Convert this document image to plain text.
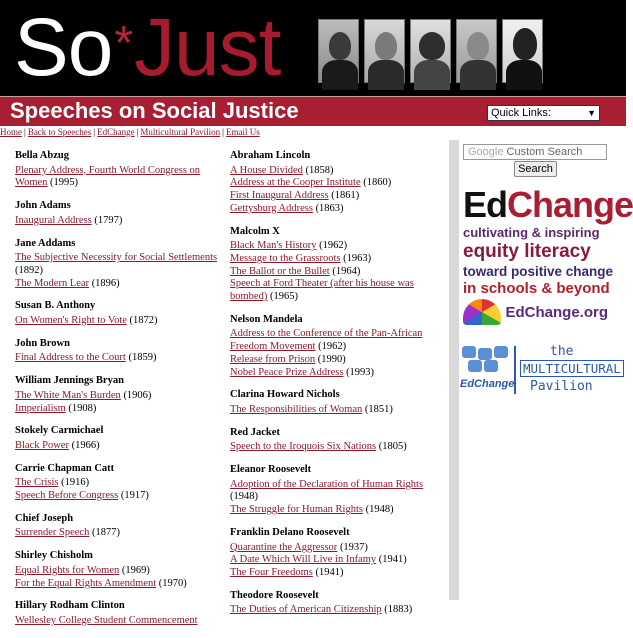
So * Just
Speeches on Social Justice	Quick Links:	▼
Home | Back to Speeches | EdChange | Multicultural Pavilion | Email Us
Bella Abzug
Plenary Address, Fourth World Congress on Women (1995)
John Adams
Inaugural Address (1797)
Jane Addams
The Subjective Necessity for Social Settlements (1892)
The Modern Lear (1896)
Susan B. Anthony
On Women's Right to Vote (1872)
John Brown
Final Address to the Court (1859)
William Jennings Bryan
The White Man's Burden (1906)
Imperialism (1908)
Stokely Carmichael
Black Power (1966)
Carrie Chapman Catt
The Crisis (1916)
Speech Before Congress (1917)
Chief Joseph
Surrender Speech (1877)
Shirley Chisholm
Equal Rights for Women (1969)
For the Equal Rights Amendment (1970)
Hillary Rodham Clinton
Wellesley College Student Commencement
Abraham Lincoln
A House Divided (1858)
Address at the Cooper Institute (1860)
First Inaugural Address (1861)
Gettysburg Address (1863)
Malcolm X
Black Man's History (1962)
Message to the Grassroots (1963)
The Ballot or the Bullet (1964)
Speech at Ford Theater (after his house was bombed) (1965)
Nelson Mandela
Address to the Conference of the Pan-African Freedom Movement (1962)
Release from Prison (1990)
Nobel Peace Prize Address (1993)
Clarina Howard Nichols
The Responsibilities of Woman (1851)
Red Jacket
Speech to the Iroquois Six Nations (1805)
Eleanor Roosevelt
Adoption of the Declaration of Human Rights (1948)
The Struggle for Human Rights (1948)
Franklin Delano Roosevelt
Quarantine the Aggressor (1937)
A Date Which Will Live in Infamy (1941)
The Four Freedoms (1941)
Theodore Roosevelt
The Duties of American Citizenship (1883)
Google Custom Search
Search
EdChange
cultivating & inspiring
equity literacy
toward positive change
in schools & beyond
EdChange.org
EdChange
the
MULTICULTURAL
Pavilion
